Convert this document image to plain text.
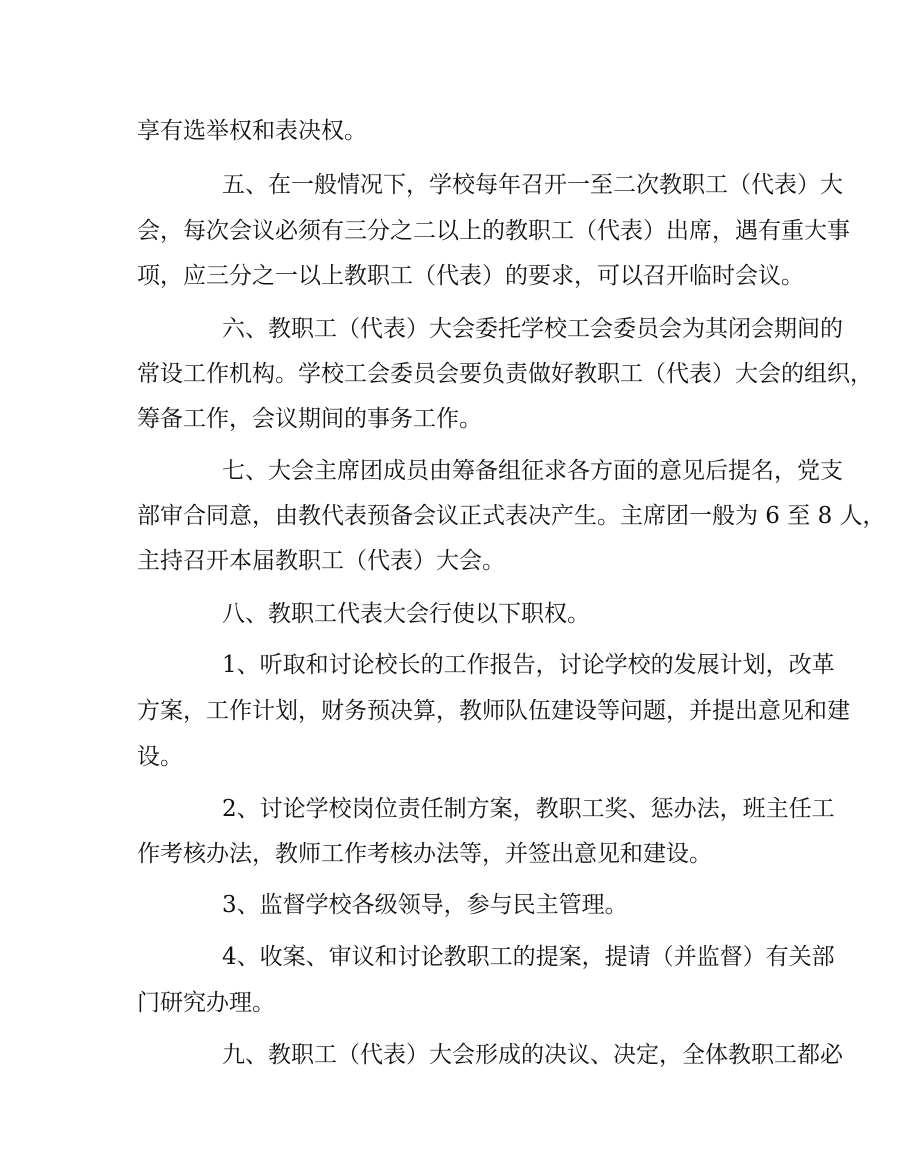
享有选举权和表决权。
五、在一般情况下，学校每年召开一至二次教职工（代表）大
会，每次会议必须有三分之二以上的教职工（代表）出席，遇有重大事
项，应三分之一以上教职工（代表）的要求，可以召开临时会议。
六、教职工（代表）大会委托学校工会委员会为其闭会期间的
常设工作机构。学校工会委员会要负责做好教职工（代表）大会的组织，
筹备工作，会议期间的事务工作。
七、大会主席团成员由筹备组征求各方面的意见后提名，党支
部审合同意，由教代表预备会议正式表决产生。主席团一般为 6 至 8 人，
主持召开本届教职工（代表）大会。
八、教职工代表大会行使以下职权。
1、听取和讨论校长的工作报告，讨论学校的发展计划，改革
方案，工作计划，财务预决算，教师队伍建设等问题，并提出意见和建
设。
2、讨论学校岗位责任制方案，教职工奖、惩办法，班主任工
作考核办法，教师工作考核办法等，并签出意见和建设。
3、监督学校各级领导，参与民主管理。
4、收案、审议和讨论教职工的提案，提请（并监督）有关部
门研究办理。
九、教职工（代表）大会形成的决议、决定，全体教职工都必
